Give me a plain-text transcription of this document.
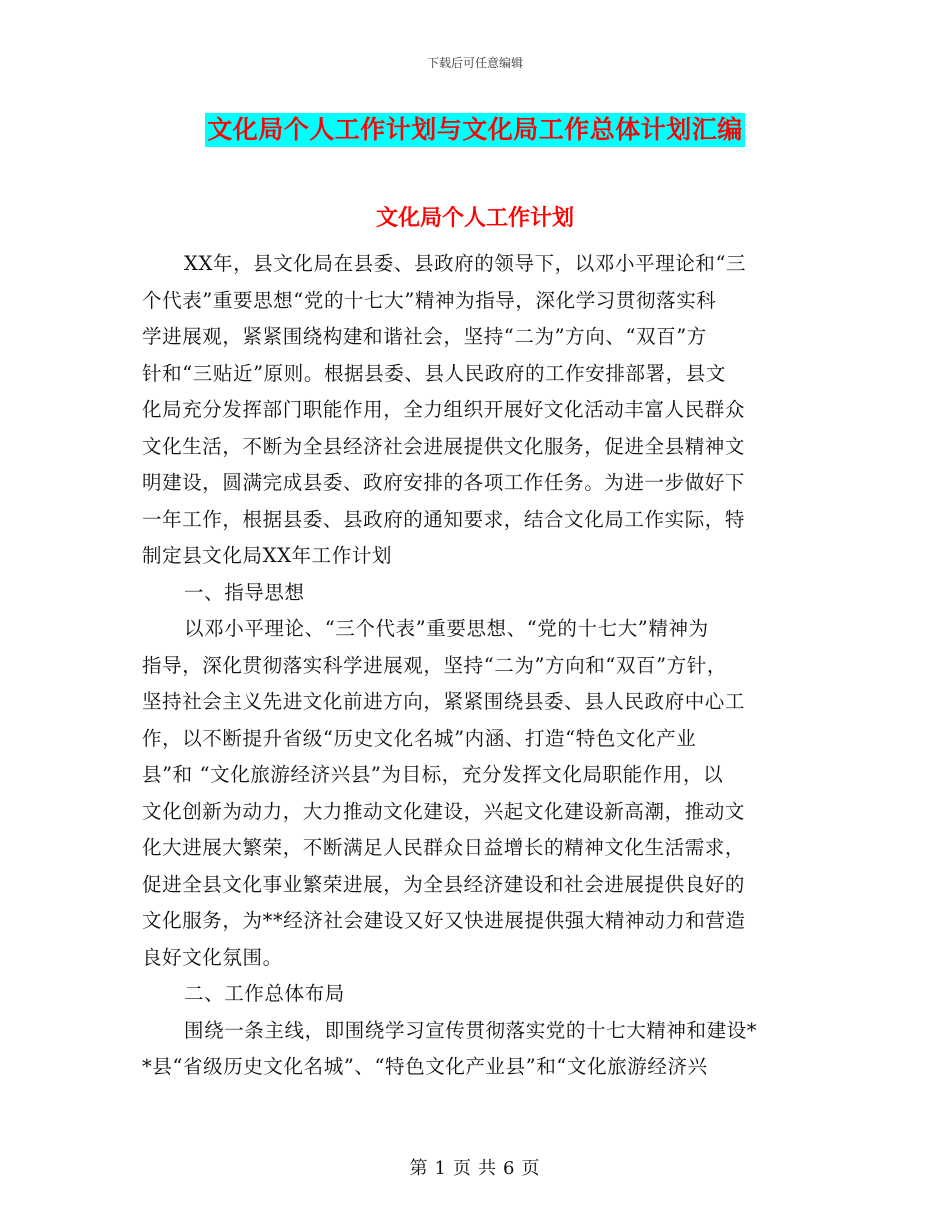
下载后可任意编辑
文化局个人工作计划与文化局工作总体计划汇编
文化局个人工作计划
XX年，县文化局在县委、县政府的领导下，以邓小平理论和“三
个代表”重要思想“党的十七大”精神为指导，深化学习贯彻落实科
学进展观，紧紧围绕构建和谐社会，坚持“二为”方向、“双百”方
针和“三贴近”原则。根据县委、县人民政府的工作安排部署，县文
化局充分发挥部门职能作用，全力组织开展好文化活动丰富人民群众
文化生活，不断为全县经济社会进展提供文化服务，促进全县精神文
明建设，圆满完成县委、政府安排的各项工作任务。为进一步做好下
一年工作，根据县委、县政府的通知要求，结合文化局工作实际，特
制定县文化局XX年工作计划
一、指导思想
以邓小平理论、“三个代表”重要思想、“党的十七大”精神为
指导，深化贯彻落实科学进展观，坚持“二为”方向和“双百”方针，
坚持社会主义先进文化前进方向，紧紧围绕县委、县人民政府中心工
作，以不断提升省级“历史文化名城”内涵、打造“特色文化产业
县”和 “文化旅游经济兴县”为目标，充分发挥文化局职能作用，以
文化创新为动力，大力推动文化建设，兴起文化建设新高潮，推动文
化大进展大繁荣，不断满足人民群众日益增长的精神文化生活需求，
促进全县文化事业繁荣进展，为全县经济建设和社会进展提供良好的
文化服务，为**经济社会建设又好又快进展提供强大精神动力和营造
良好文化氛围。
二、工作总体布局
围绕一条主线，即围绕学习宣传贯彻落实党的十七大精神和建设*
*县“省级历史文化名城”、“特色文化产业县”和“文化旅游经济兴
第 1 页 共 6 页
